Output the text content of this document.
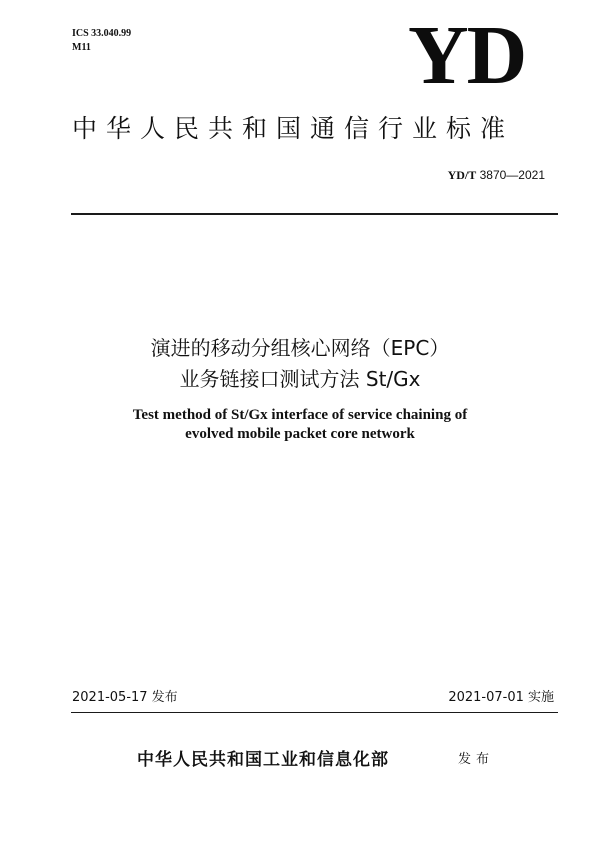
ICS 33.040.99
M11	YD
中华人民共和国通信行业标准
YD/T 3870—2021
演进的移动分组核心网络（EPC）
业务链接口测试方法 St/Gx
Test method of St/Gx interface of service chaining of
evolved mobile packet core network
2021-05-17 发布	2021-07-01 实施
中华人民共和国工业和信息化部	发布
